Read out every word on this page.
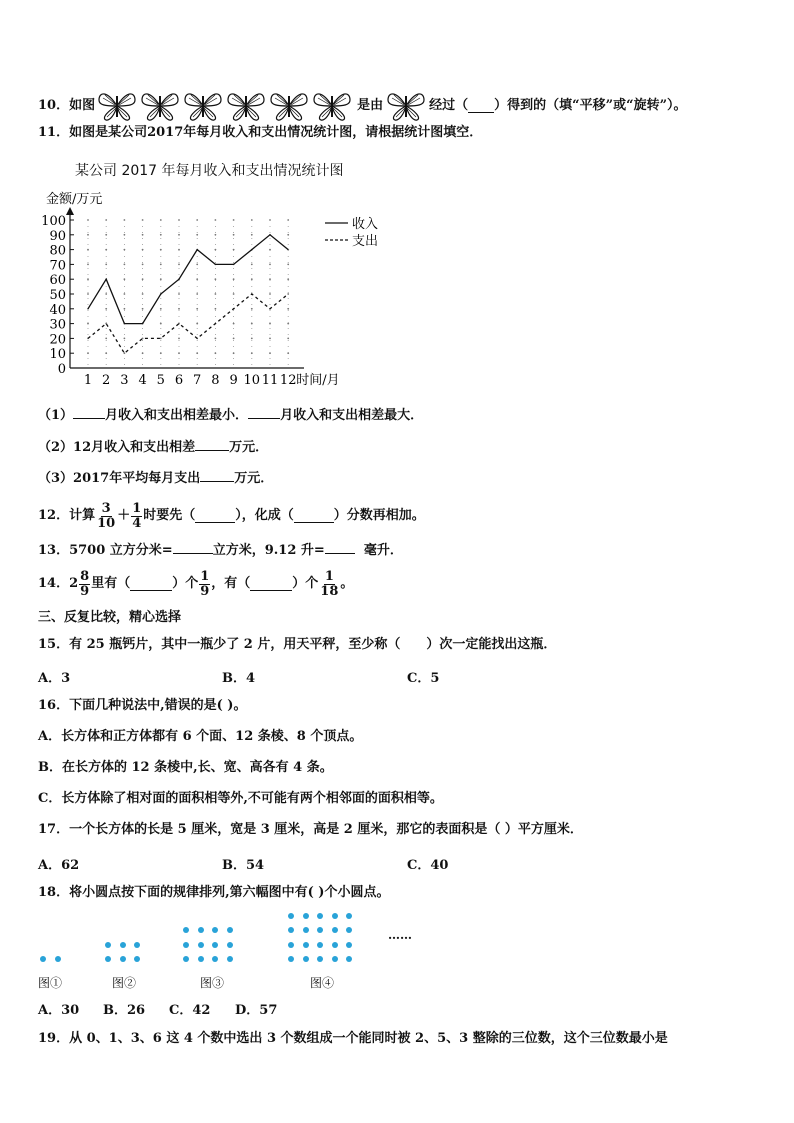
10． 如图	是由	经过（ ）得到的（填“平移”或“旋转”）。
11．如图是某公司2017年每月收入和支出情况统计图，请根据统计图填空．
某公司 2017 年每月收入和支出情况统计图
金额/万元
0
10
20
30
40
50
60
70
80
90
100
1 2 3 4 5 6 7 8 9 10 11 12 时间/月
收入
支出
（1） 月收入和支出相差最小． 月收入和支出相差最大．
（2）12月收入和支出相差	万元．
（3）2017年平均每月支出	万元．
12．计算 $\frac{3}{10} + \frac{1}{4}$ 时要先（	），化成（	）分数再相加。
13．5700 立方分米=	立方米，9.12 升=	毫升．
14． $2 \frac{8}{9}$ 里有（	）个 $\frac{1}{9}$ ，有（	）个 $\frac{1}{18}$ 。
三、反复比较，精心选择
15．有 25 瓶钙片，其中一瓶少了 2 片，用天平秤，至少称（ ）次一定能找出这瓶．
A．3	B．4	C．5
16．下面几种说法中,错误的是( )。
A．长方体和正方体都有 6 个面、12 条棱、8 个顶点。
B．在长方体的 12 条棱中,长、宽、高各有 4 条。
C．长方体除了相对面的面积相等外,不可能有两个相邻面的面积相等。
17．一个长方体的长是 5 厘米，宽是 3 厘米，高是 2 厘米，那它的表面积是（ ）平方厘米．
A．62	B．54	C．40
18．将小圆点按下面的规律排列,第六幅图中有( )个小圆点。
图①	图②	图③	图④
……
A．30 B．26 C．42 D．57
19．从 0、1、3、6 这 4 个数中选出 3 个数组成一个能同时被 2、5、3 整除的三位数，这个三位数最小是
